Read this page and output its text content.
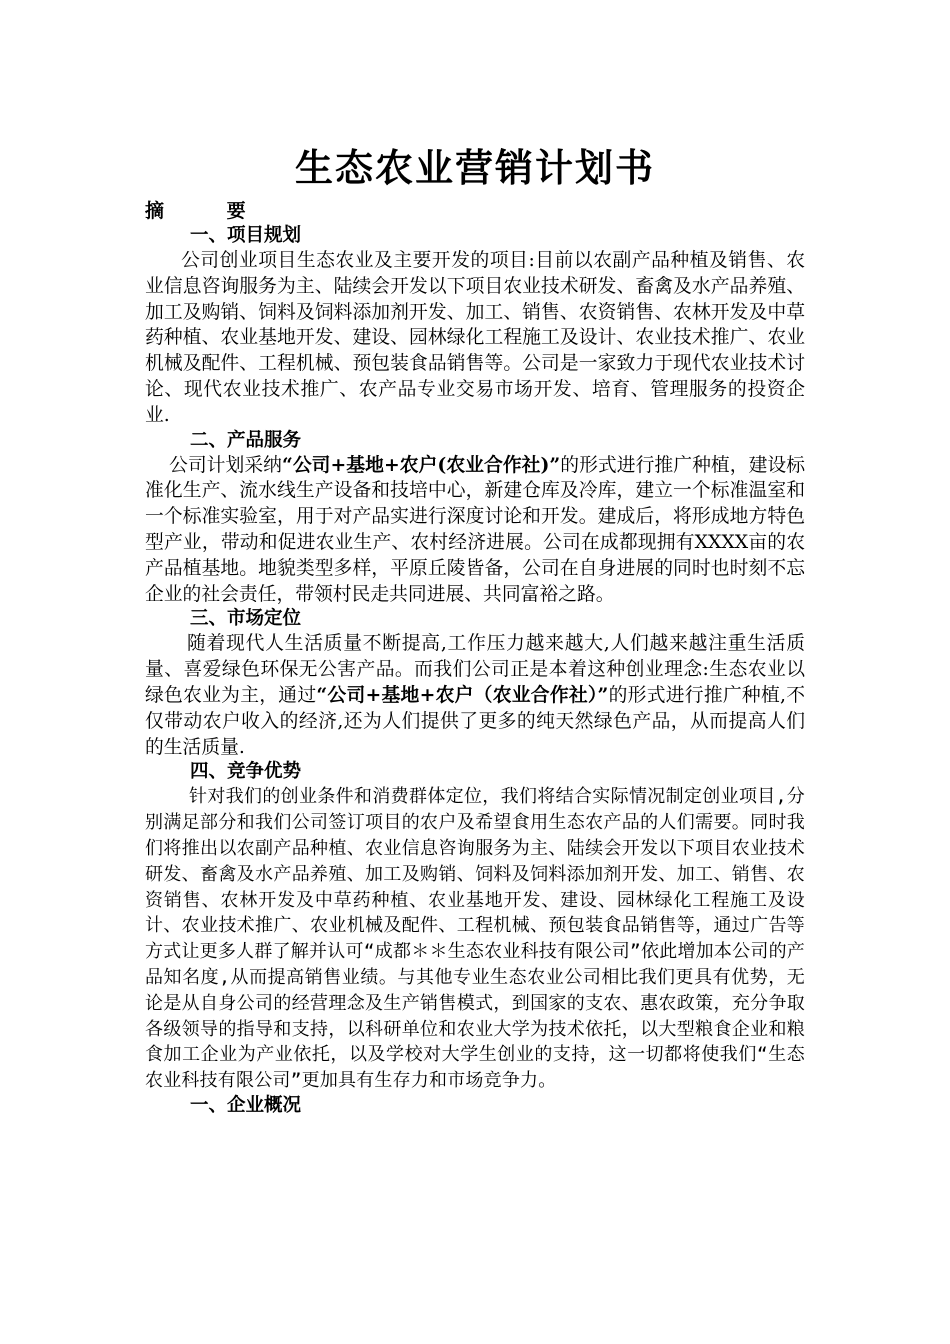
生态农业营销计划书
摘 要
一、项目规划

公司创业项目生态农业及主要开发的项目:目前以农副产品种植及销售、农业信息咨询服务为主、陆续会开发以下项目农业技术研发、畜禽及水产品养殖、加工及购销、饲料及饲料添加剂开发、加工、销售、农资销售、农林开发及中草药种植、农业基地开发、建设、园林绿化工程施工及设计、农业技术推广、农业机械及配件、工程机械、预包装食品销售等。公司是一家致力于现代农业技术讨论、现代农业技术推广、农产品专业交易市场开发、培育、管理服务的投资企业.

二、产品服务

公司计划采纳“公司+基地+农户(农业合作社)”的形式进行推广种植，建设标准化生产、流水线生产设备和技培中心，新建仓库及冷库，建立一个标准温室和一个标准实验室，用于对产品实进行深度讨论和开发。建成后，将形成地方特色型产业，带动和促进农业生产、农村经济进展。公司在成都现拥有XXXX亩的农产品植基地。地貌类型多样，平原丘陵皆备，公司在自身进展的同时也时刻不忘企业的社会责任，带领村民走共同进展、共同富裕之路。

三、市场定位

随着现代人生活质量不断提高,工作压力越来越大,人们越来越注重生活质量、喜爱绿色环保无公害产品。而我们公司正是本着这种创业理念:生态农业以绿色农业为主，通过“公司+基地+农户（农业合作社）”的形式进行推广种植,不仅带动农户收入的经济,还为人们提供了更多的纯天然绿色产品，从而提高人们的生活质量.

四、竞争优势

针对我们的创业条件和消费群体定位，我们将结合实际情况制定创业项目,分别满足部分和我们公司签订项目的农户及希望食用生态农产品的人们需要。同时我们将推出以农副产品种植、农业信息咨询服务为主、陆续会开发以下项目农业技术研发、畜禽及水产品养殖、加工及购销、饲料及饲料添加剂开发、加工、销售、农资销售、农林开发及中草药种植、农业基地开发、建设、园林绿化工程施工及设计、农业技术推广、农业机械及配件、工程机械、预包装食品销售等，通过广告等方式让更多人群了解并认可“成都＊＊生态农业科技有限公司”依此增加本公司的产品知名度,从而提高销售业绩。与其他专业生态农业公司相比我们更具有优势，无论是从自身公司的经营理念及生产销售模式，到国家的支农、惠农政策，充分争取各级领导的指导和支持，以科研单位和农业大学为技术依托，以大型粮食企业和粮食加工企业为产业依托，以及学校对大学生创业的支持，这一切都将使我们“生态农业科技有限公司”更加具有生存力和市场竞争力。

一、企业概况
